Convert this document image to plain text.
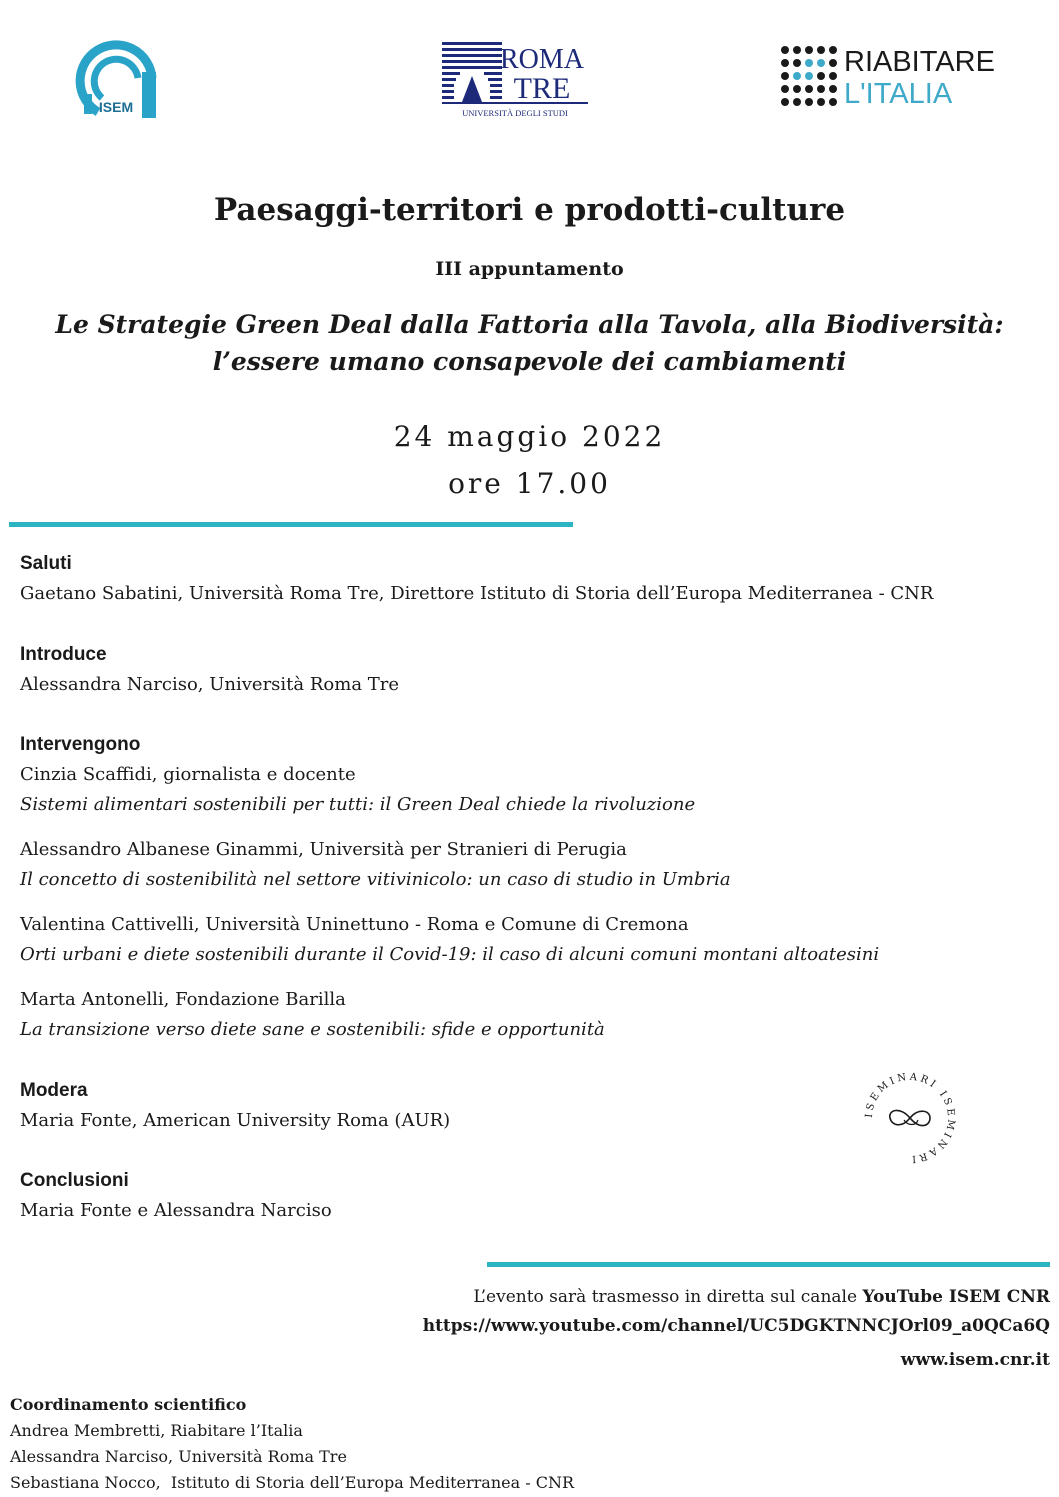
ISEM
ROMA
TRE
UNIVERSITÀ DEGLI STUDI
RIABITARE
L'ITALIA
Paesaggi-territori e prodotti-culture
III appuntamento
Le Strategie Green Deal dalla Fattoria alla Tavola, alla Biodiversità:
l’essere umano consapevole dei cambiamenti
24 maggio 2022
ore 17.00
Saluti
Gaetano Sabatini, Università Roma Tre, Direttore Istituto di Storia dell’Europa Mediterranea - CNR
Introduce
Alessandra Narciso, Università Roma Tre
Intervengono
Cinzia Scaffidi, giornalista e docente
Sistemi alimentari sostenibili per tutti: il Green Deal chiede la rivoluzione
Alessandro Albanese Ginammi, Università per Stranieri di Perugia
Il concetto di sostenibilità nel settore vitivinicolo: un caso di studio in Umbria
Valentina Cattivelli, Università Uninettuno - Roma e Comune di Cremona
Orti urbani e diete sostenibili durante il Covid-19: il caso di alcuni comuni montani altoatesini
Marta Antonelli, Fondazione Barilla
La transizione verso diete sane e sostenibili: sfide e opportunità
Modera
Maria Fonte, American University Roma (AUR)
Conclusioni
Maria Fonte e Alessandra Narciso
ISEMINARI ISEMINARI
L’evento sarà trasmesso in diretta sul canale YouTube ISEM CNR
https://www.youtube.com/channel/UC5DGKTNNCJOrl09_a0QCa6Q
www.isem.cnr.it
Coordinamento scientifico
Andrea Membretti, Riabitare l’Italia
Alessandra Narciso, Università Roma Tre
Sebastiana Nocco,  Istituto di Storia dell’Europa Mediterranea - CNR
